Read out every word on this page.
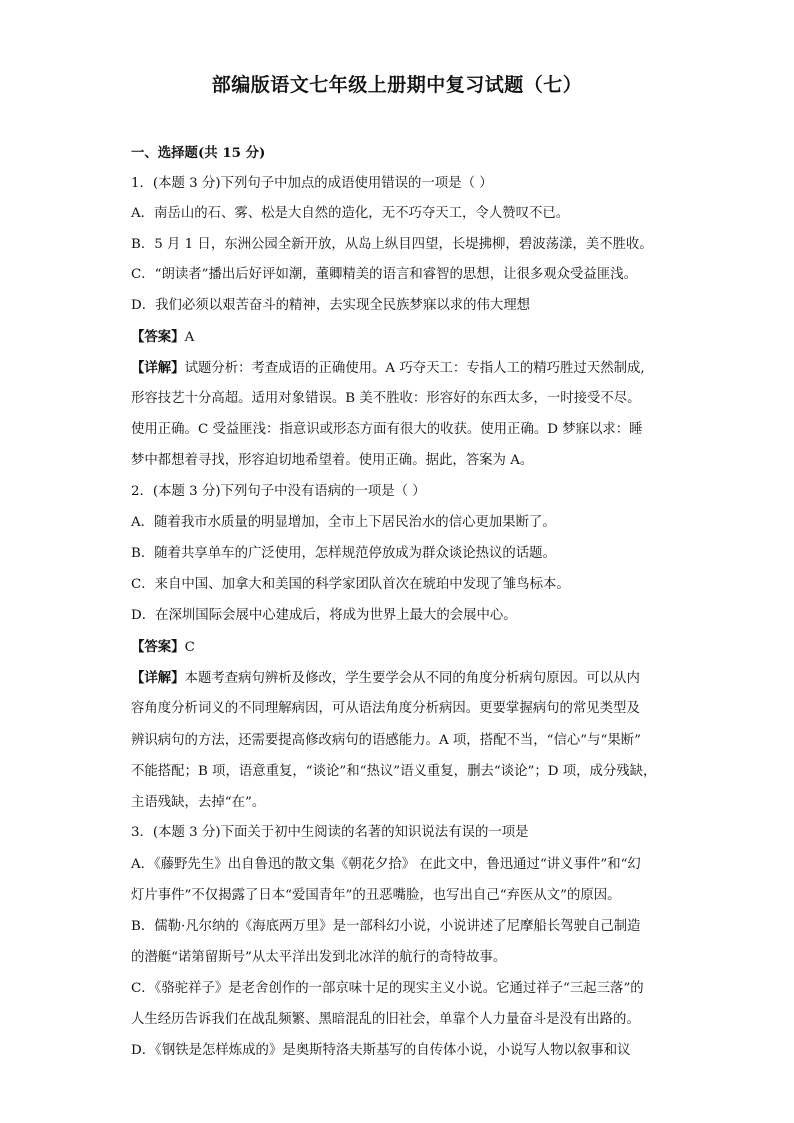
部编版语文七年级上册期中复习试题（七）
一、选择题(共 15 分)
1．(本题 3 分)下列句子中加点的成语使用错误的一项是（ ）
A．南岳山的石、雾、松是大自然的造化，无不巧夺天工，令人赞叹不已。
B．5 月 1 日，东洲公园全新开放，从岛上纵目四望，长堤拂柳，碧波荡漾，美不胜收。
C．“朗读者”播出后好评如潮，董卿精美的语言和睿智的思想，让很多观众受益匪浅。
D．我们必须以艰苦奋斗的精神，去实现全民族梦寐以求的伟大理想
【答案】A
【详解】试题分析：考查成语的正确使用。A 巧夺天工：专指人工的精巧胜过天然制成,
形容技艺十分高超。适用对象错误。B 美不胜收：形容好的东西太多，一时接受不尽。
使用正确。C 受益匪浅：指意识或形态方面有很大的收获。使用正确。D 梦寐以求：睡
梦中都想着寻找，形容迫切地希望着。使用正确。据此，答案为 A。
2．(本题 3 分)下列句子中没有语病的一项是（ ）
A．随着我市水质量的明显增加，全市上下居民治水的信心更加果断了。
B．随着共享单车的广泛使用，怎样规范停放成为群众谈论热议的话题。
C．来自中国、加拿大和美国的科学家团队首次在琥珀中发现了雏鸟标本。
D．在深圳国际会展中心建成后，将成为世界上最大的会展中心。
【答案】C
【详解】本题考查病句辨析及修改，学生要学会从不同的角度分析病句原因。可以从内
容角度分析词义的不同理解病因，可从语法角度分析病因。更要掌握病句的常见类型及
辨识病句的方法，还需要提高修改病句的语感能力。A 项，搭配不当，“信心”与“果断”
不能搭配；B 项，语意重复，“谈论”和“热议”语义重复，删去“谈论”；D 项，成分残缺，
主语残缺，去掉“在”。
3．(本题 3 分)下面关于初中生阅读的名著的知识说法有误的一项是
A．《藤野先生》出自鲁迅的散文集《朝花夕拾》 在此文中，鲁迅通过“讲义事件”和“幻
灯片事件”不仅揭露了日本“爱国青年”的丑恶嘴脸，也写出自己“弃医从文”的原因。
B．儒勒·凡尔纳的《海底两万里》是一部科幻小说，小说讲述了尼摩船长驾驶自己制造
的潜艇“诺第留斯号”从太平洋出发到北冰洋的航行的奇特故事。
C．《骆驼祥子》是老舍创作的一部京味十足的现实主义小说。它通过祥子“三起三落”的
人生经历告诉我们在战乱频繁、黑暗混乱的旧社会，单靠个人力量奋斗是没有出路的。
D．《钢铁是怎样炼成的》是奥斯特洛夫斯基写的自传体小说，小说写人物以叙事和议
